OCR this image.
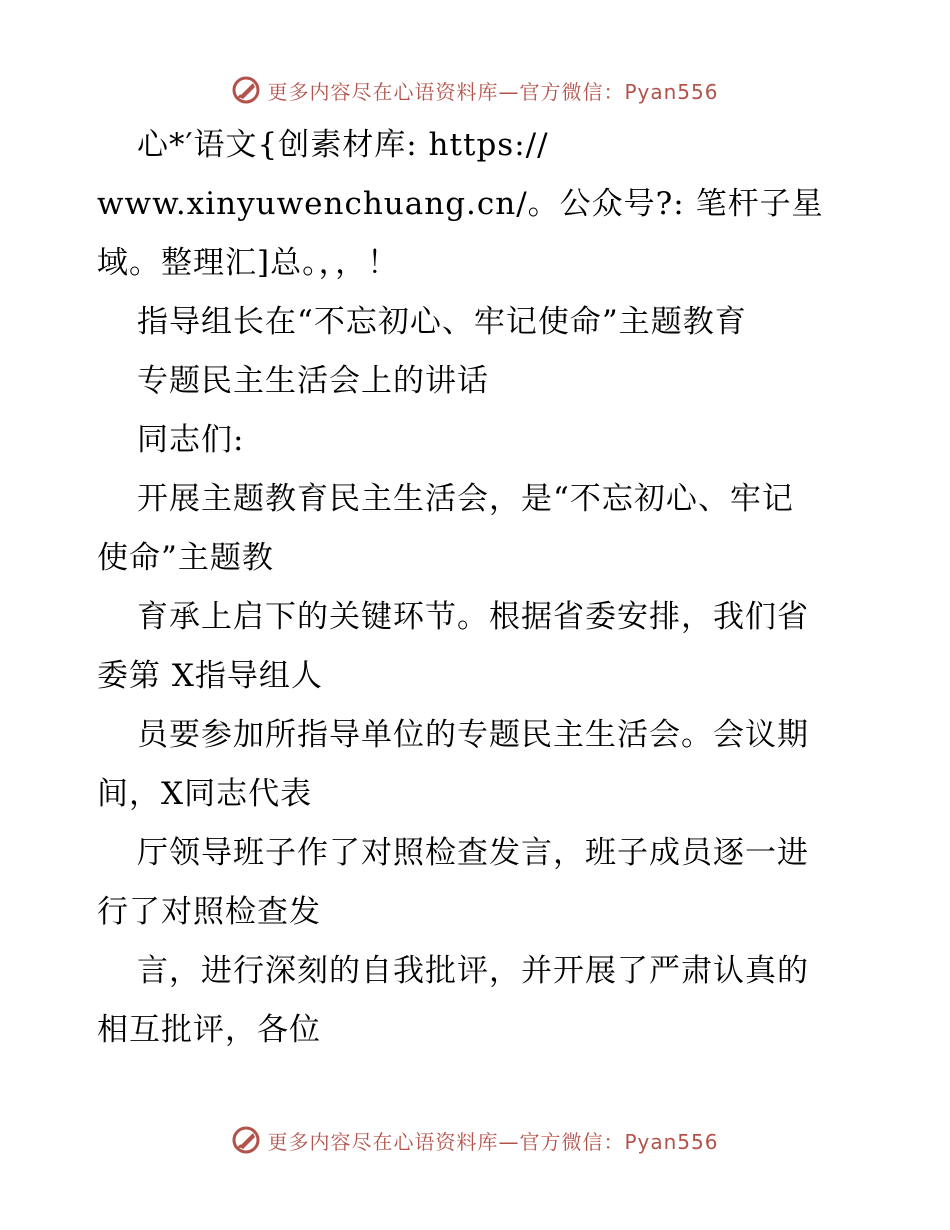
更多内容尽在心语资料库—官方微信：Pyan556

心*′语文{创素材库: https://

www.xinyuwenchuang.cn/。公众号?: 笔杆子星

域。整理汇]总。，，！

指导组长在“不忘初心、牢记使命”主题教育

专题民主生活会上的讲话

同志们:

开展主题教育民主生活会，是“不忘初心、牢记

使命”主题教

育承上启下的关键环节。根据省委安排，我们省

委第 X指导组人

员要参加所指导单位的专题民主生活会。会议期

间，X同志代表

厅领导班子作了对照检查发言，班子成员逐一进

行了对照检查发

言，进行深刻的自我批评，并开展了严肃认真的

相互批评，各位

更多内容尽在心语资料库—官方微信：Pyan556
